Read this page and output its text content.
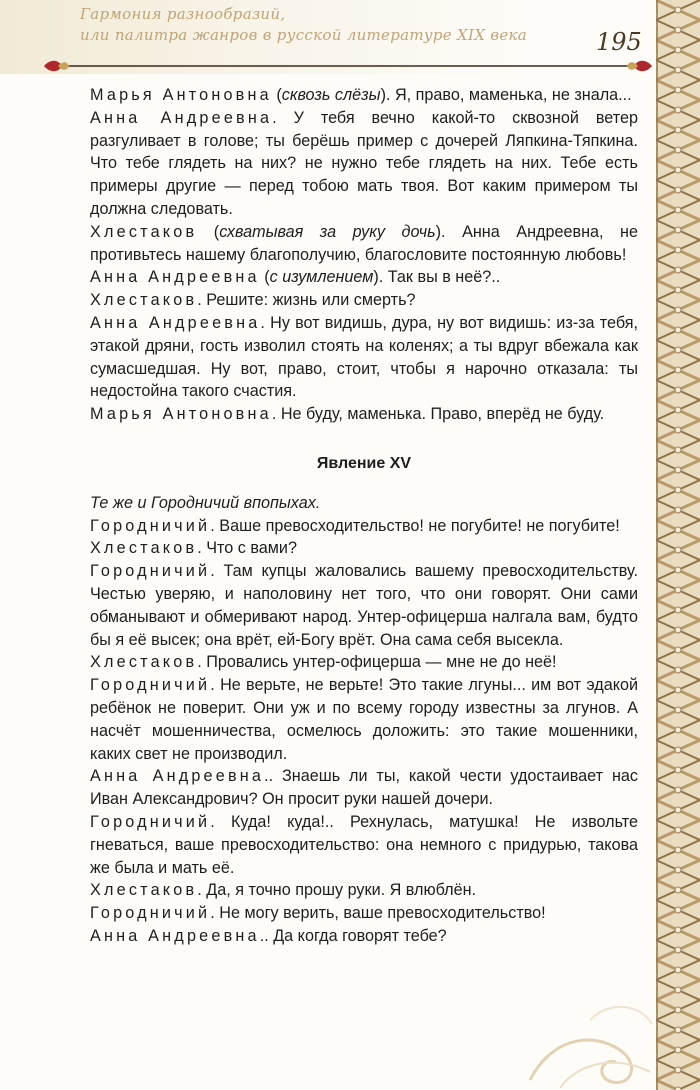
Гармония разнообразий,
или палитра жанров в русской литературе XIX века	195

Марья Антоновна (сквозь слёзы). Я, право, маменька, не знала...

Анна Андреевна. У тебя вечно какой-то сквозной ветер разгуливает в голове; ты берёшь пример с дочерей Ляпкина-Тяпкина. Что тебе глядеть на них? не нужно тебе глядеть на них. Тебе есть примеры другие — перед тобою мать твоя. Вот каким примером ты должна следовать.

Хлестаков (схватывая за руку дочь). Анна Андреевна, не противьтесь нашему благополучию, благословите постоянную любовь!

Анна Андреевна (с изумлением). Так вы в неё?..

Хлестаков. Решите: жизнь или смерть?

Анна Андреевна. Ну вот видишь, дура, ну вот видишь: из-за тебя, этакой дряни, гость изволил стоять на коленях; а ты вдруг вбежала как сумасшедшая. Ну вот, право, стоит, чтобы я нарочно отказала: ты недостойна такого счастия.

Марья Антоновна. Не буду, маменька. Право, вперёд не буду.

Явление XV

Те же и Городничий впопыхах.

Городничий. Ваше превосходительство! не погубите! не погубите!

Хлестаков. Что с вами?

Городничий. Там купцы жаловались вашему превосходительству. Честью уверяю, и наполовину нет того, что они говорят. Они сами обманывают и обмеривают народ. Унтер-офицерша налгала вам, будто бы я её высек; она врёт, ей-Богу врёт. Она сама себя высекла.

Хлестаков. Провались унтер-офицерша — мне не до неё!

Городничий. Не верьте, не верьте! Это такие лгуны... им вот эдакой ребёнок не поверит. Они уж и по всему городу известны за лгунов. А насчёт мошенничества, осмелюсь доложить: это такие мошенники, каких свет не производил.

Анна Андреевна.. Знаешь ли ты, какой чести удостаивает нас Иван Александрович? Он просит руки нашей дочери.

Городничий. Куда! куда!.. Рехнулась, матушка! Не извольте гневаться, ваше превосходительство: она немного с придурью, такова же была и мать её.

Хлестаков. Да, я точно прошу руки. Я влюблён.

Городничий. Не могу верить, ваше превосходительство!

Анна Андреевна.. Да когда говорят тебе?
